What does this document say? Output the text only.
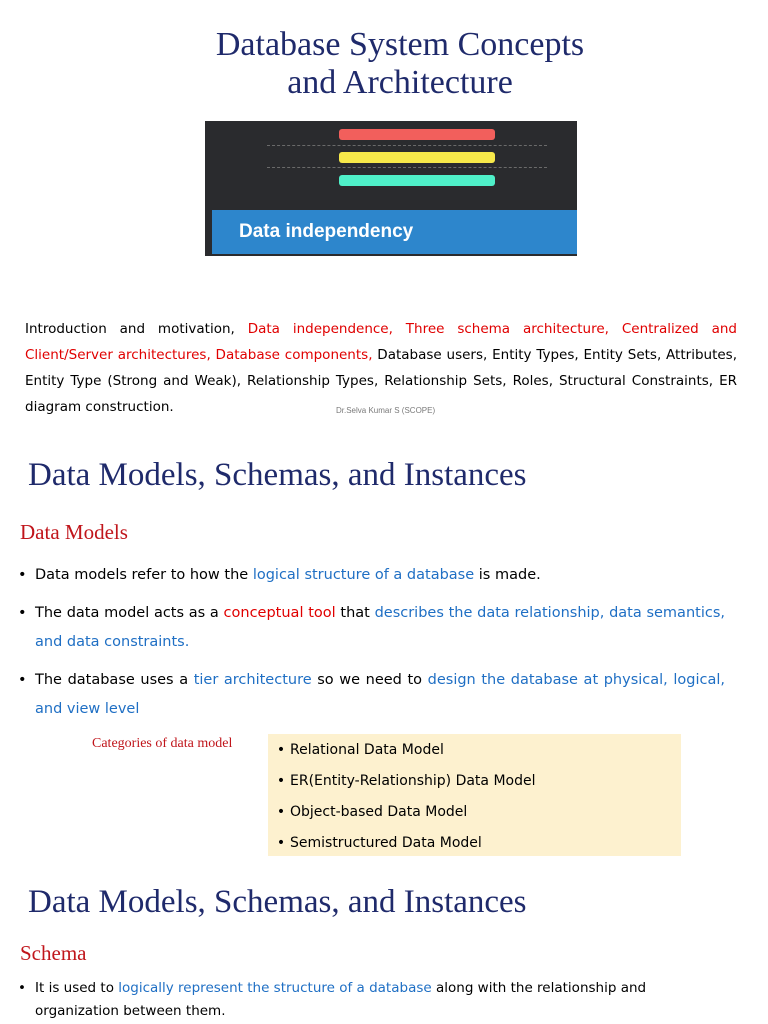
Database System Concepts
and Architecture
Data independency
Introduction and motivation, Data independence, Three schema architecture, Centralized and Client/Server architectures, Database components, Database users, Entity Types, Entity Sets, Attributes, Entity Type (Strong and Weak), Relationship Types, Relationship Sets, Roles, Structural Constraints, ER diagram construction.	Dr.Selva Kumar S (SCOPE)
Data Models, Schemas, and Instances
Data Models
• Data models refer to how the logical structure of a database is made.
• The data model acts as a conceptual tool that describes the data relationship, data semantics, and data constraints.
• The database uses a tier architecture so we need to design the database at physical, logical, and view level
Categories of data model	• Relational Data Model
• ER(Entity-Relationship) Data Model
• Object-based Data Model
• Semistructured Data Model
Data Models, Schemas, and Instances
Schema
• It is used to logically represent the structure of a database along with the relationship and organization between them.
